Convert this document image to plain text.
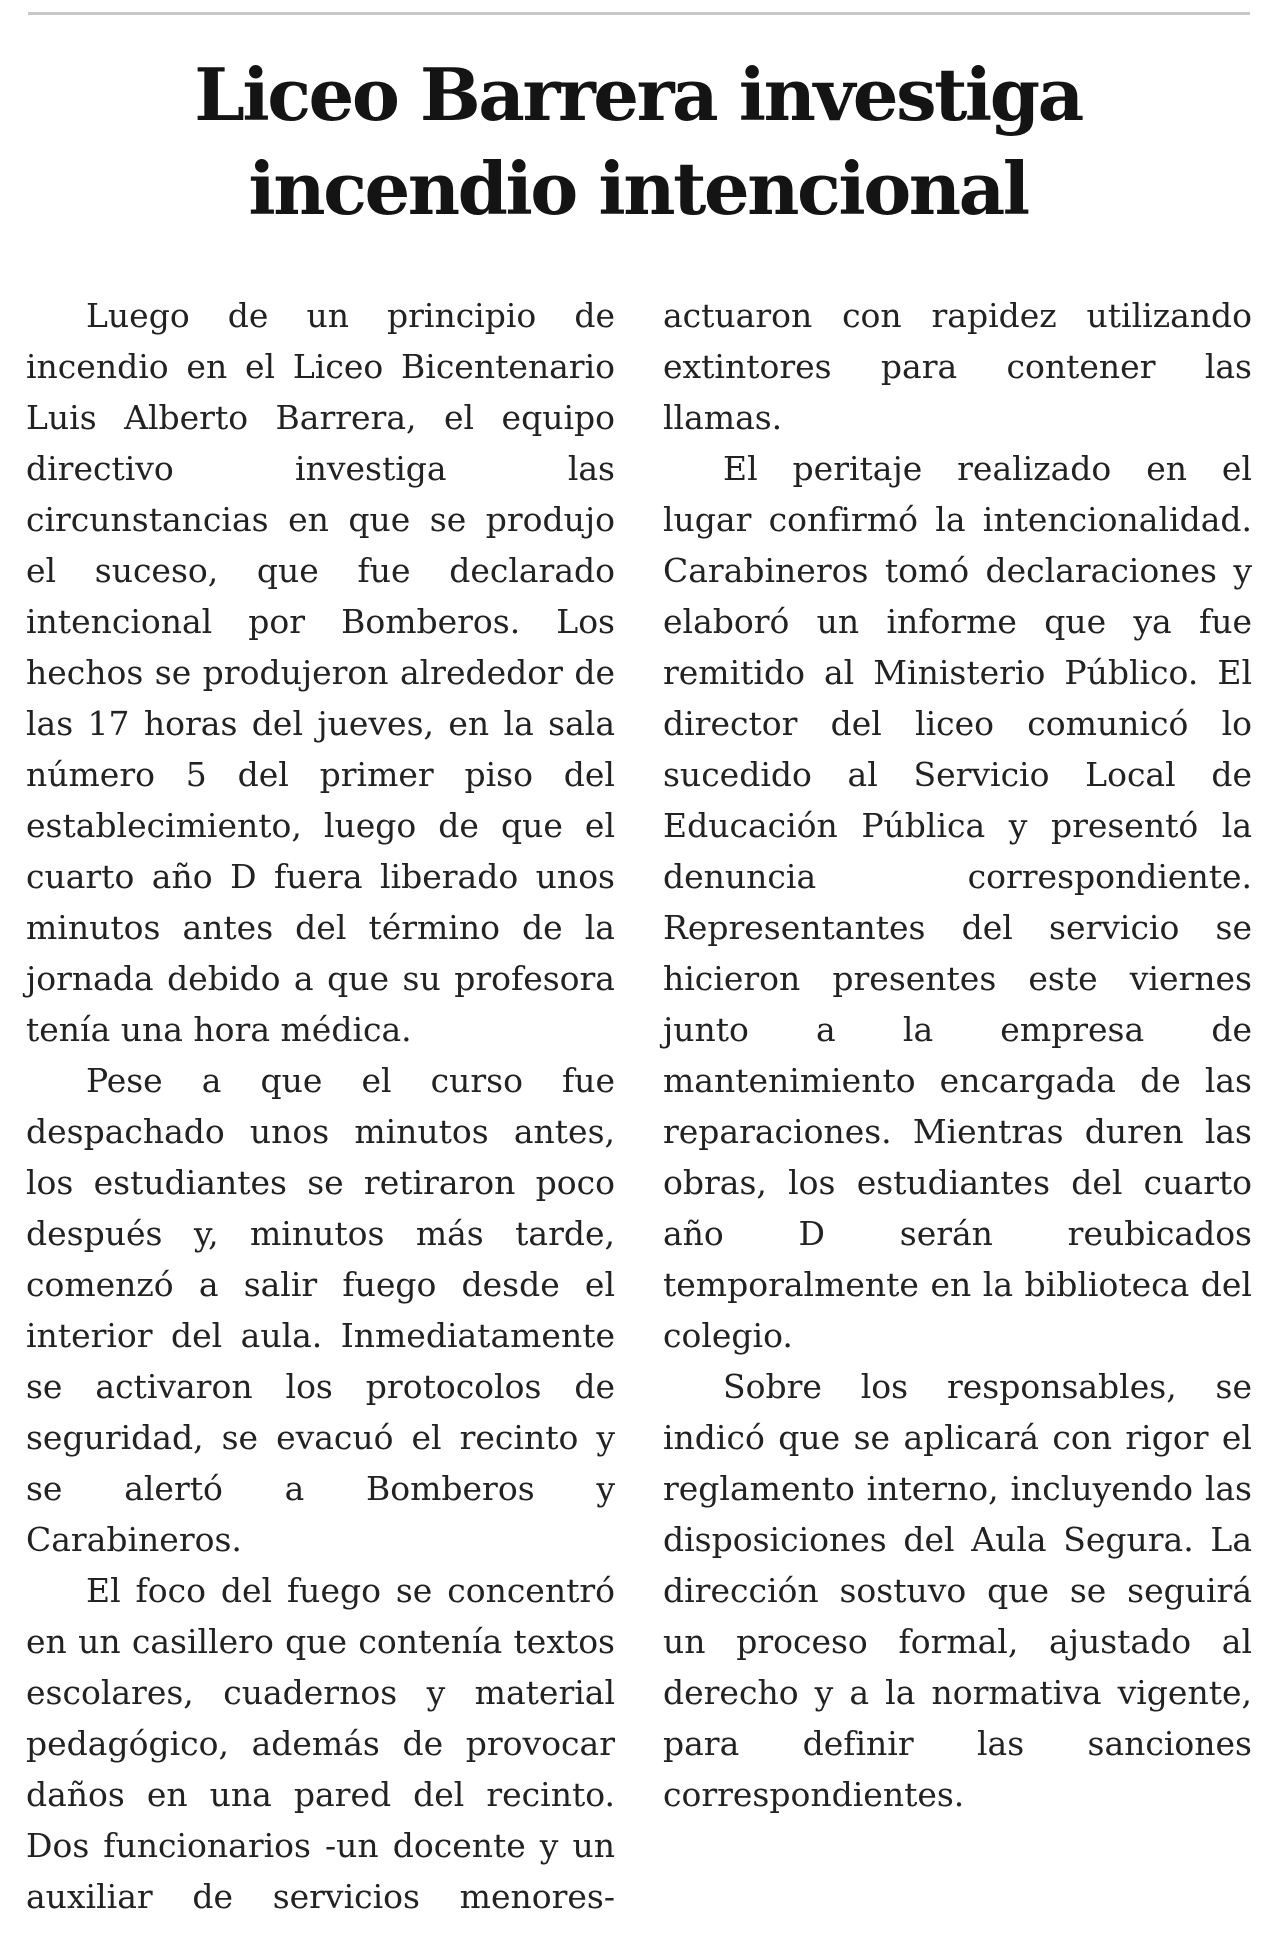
Liceo Barrera investiga
incendio intencional

Luego de un principio de incendio en el Liceo Bicentenario Luis Alberto Barrera, el equipo directivo investiga las circunstancias en que se produjo el suceso, que fue declarado intencional por Bomberos. Los hechos se produjeron alrededor de las 17 horas del jueves, en la sala número 5 del primer piso del establecimiento, luego de que el cuarto año D fuera liberado unos minutos antes del término de la jornada debido a que su profesora tenía una hora médica.

Pese a que el curso fue despachado unos minutos antes, los estudiantes se retiraron poco después y, minutos más tarde, comenzó a salir fuego desde el interior del aula. Inmediatamente se activaron los protocolos de seguridad, se evacuó el recinto y se alertó a Bomberos y Carabineros.

El foco del fuego se concentró en un casillero que contenía textos escolares, cuadernos y material pedagógico, además de provocar daños en una pared del recinto. Dos funcionarios -un docente y un auxiliar de servicios menores- actuaron con rapidez utilizando extintores para contener las llamas.

El peritaje realizado en el lugar confirmó la intencionalidad. Carabineros tomó declaraciones y elaboró un informe que ya fue remitido al Ministerio Público. El director del liceo comunicó lo sucedido al Servicio Local de Educación Pública y presentó la denuncia correspondiente. Representantes del servicio se hicieron presentes este viernes junto a la empresa de mantenimiento encargada de las reparaciones. Mientras duren las obras, los estudiantes del cuarto año D serán reubicados temporalmente en la biblioteca del colegio.

Sobre los responsables, se indicó que se aplicará con rigor el reglamento interno, incluyendo las disposiciones del Aula Segura. La dirección sostuvo que se seguirá un proceso formal, ajustado al derecho y a la normativa vigente, para definir las sanciones correspondientes.
